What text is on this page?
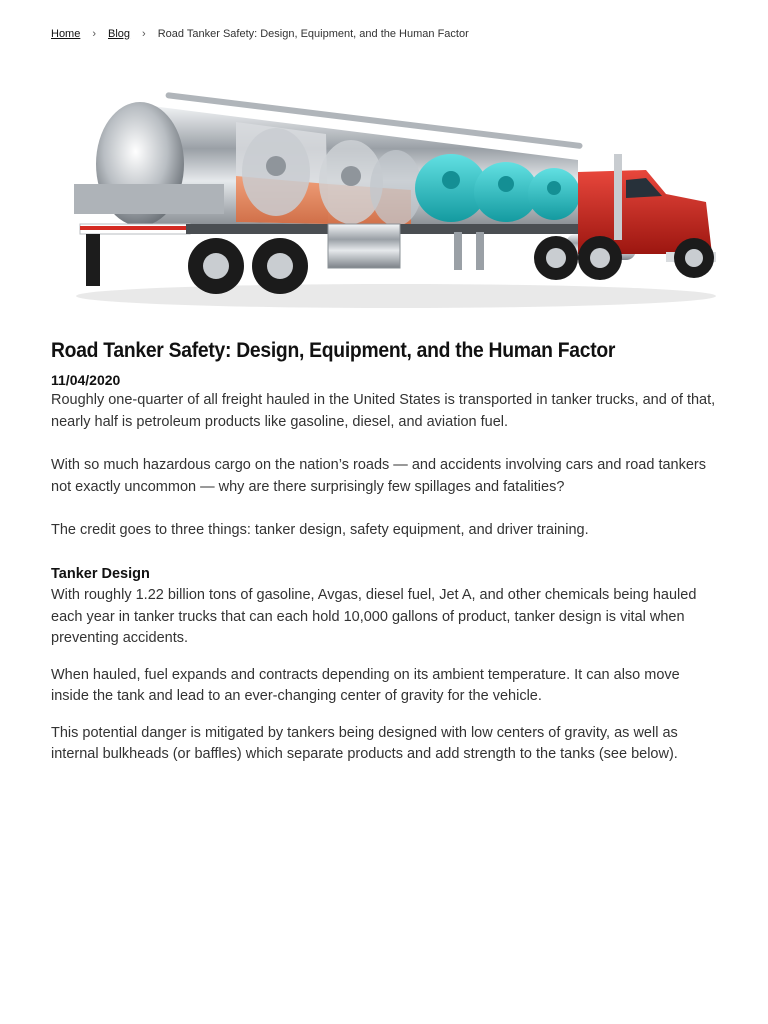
Home › Blog › Road Tanker Safety: Design, Equipment, and the Human Factor
Road Tanker Safety: Design, Equipment, and the Human Factor
11/04/2020

Roughly one-quarter of all freight hauled in the United States is transported in tanker trucks, and of that, nearly half is petroleum products like gasoline, diesel, and aviation fuel.

With so much hazardous cargo on the nation’s roads — and accidents involving cars and road tankers not exactly uncommon — why are there surprisingly few spillages and fatalities?

The credit goes to three things: tanker design, safety equipment, and driver training.

Tanker Design

With roughly 1.22 billion tons of gasoline, Avgas, diesel fuel, Jet A, and other chemicals being hauled each year in tanker trucks that can each hold 10,000 gallons of product, tanker design is vital when preventing accidents.

When hauled, fuel expands and contracts depending on its ambient temperature. It can also move inside the tank and lead to an ever-changing center of gravity for the vehicle.

This potential danger is mitigated by tankers being designed with low centers of gravity, as well as internal bulkheads (or baffles) which separate products and add strength to the tanks (see below).
